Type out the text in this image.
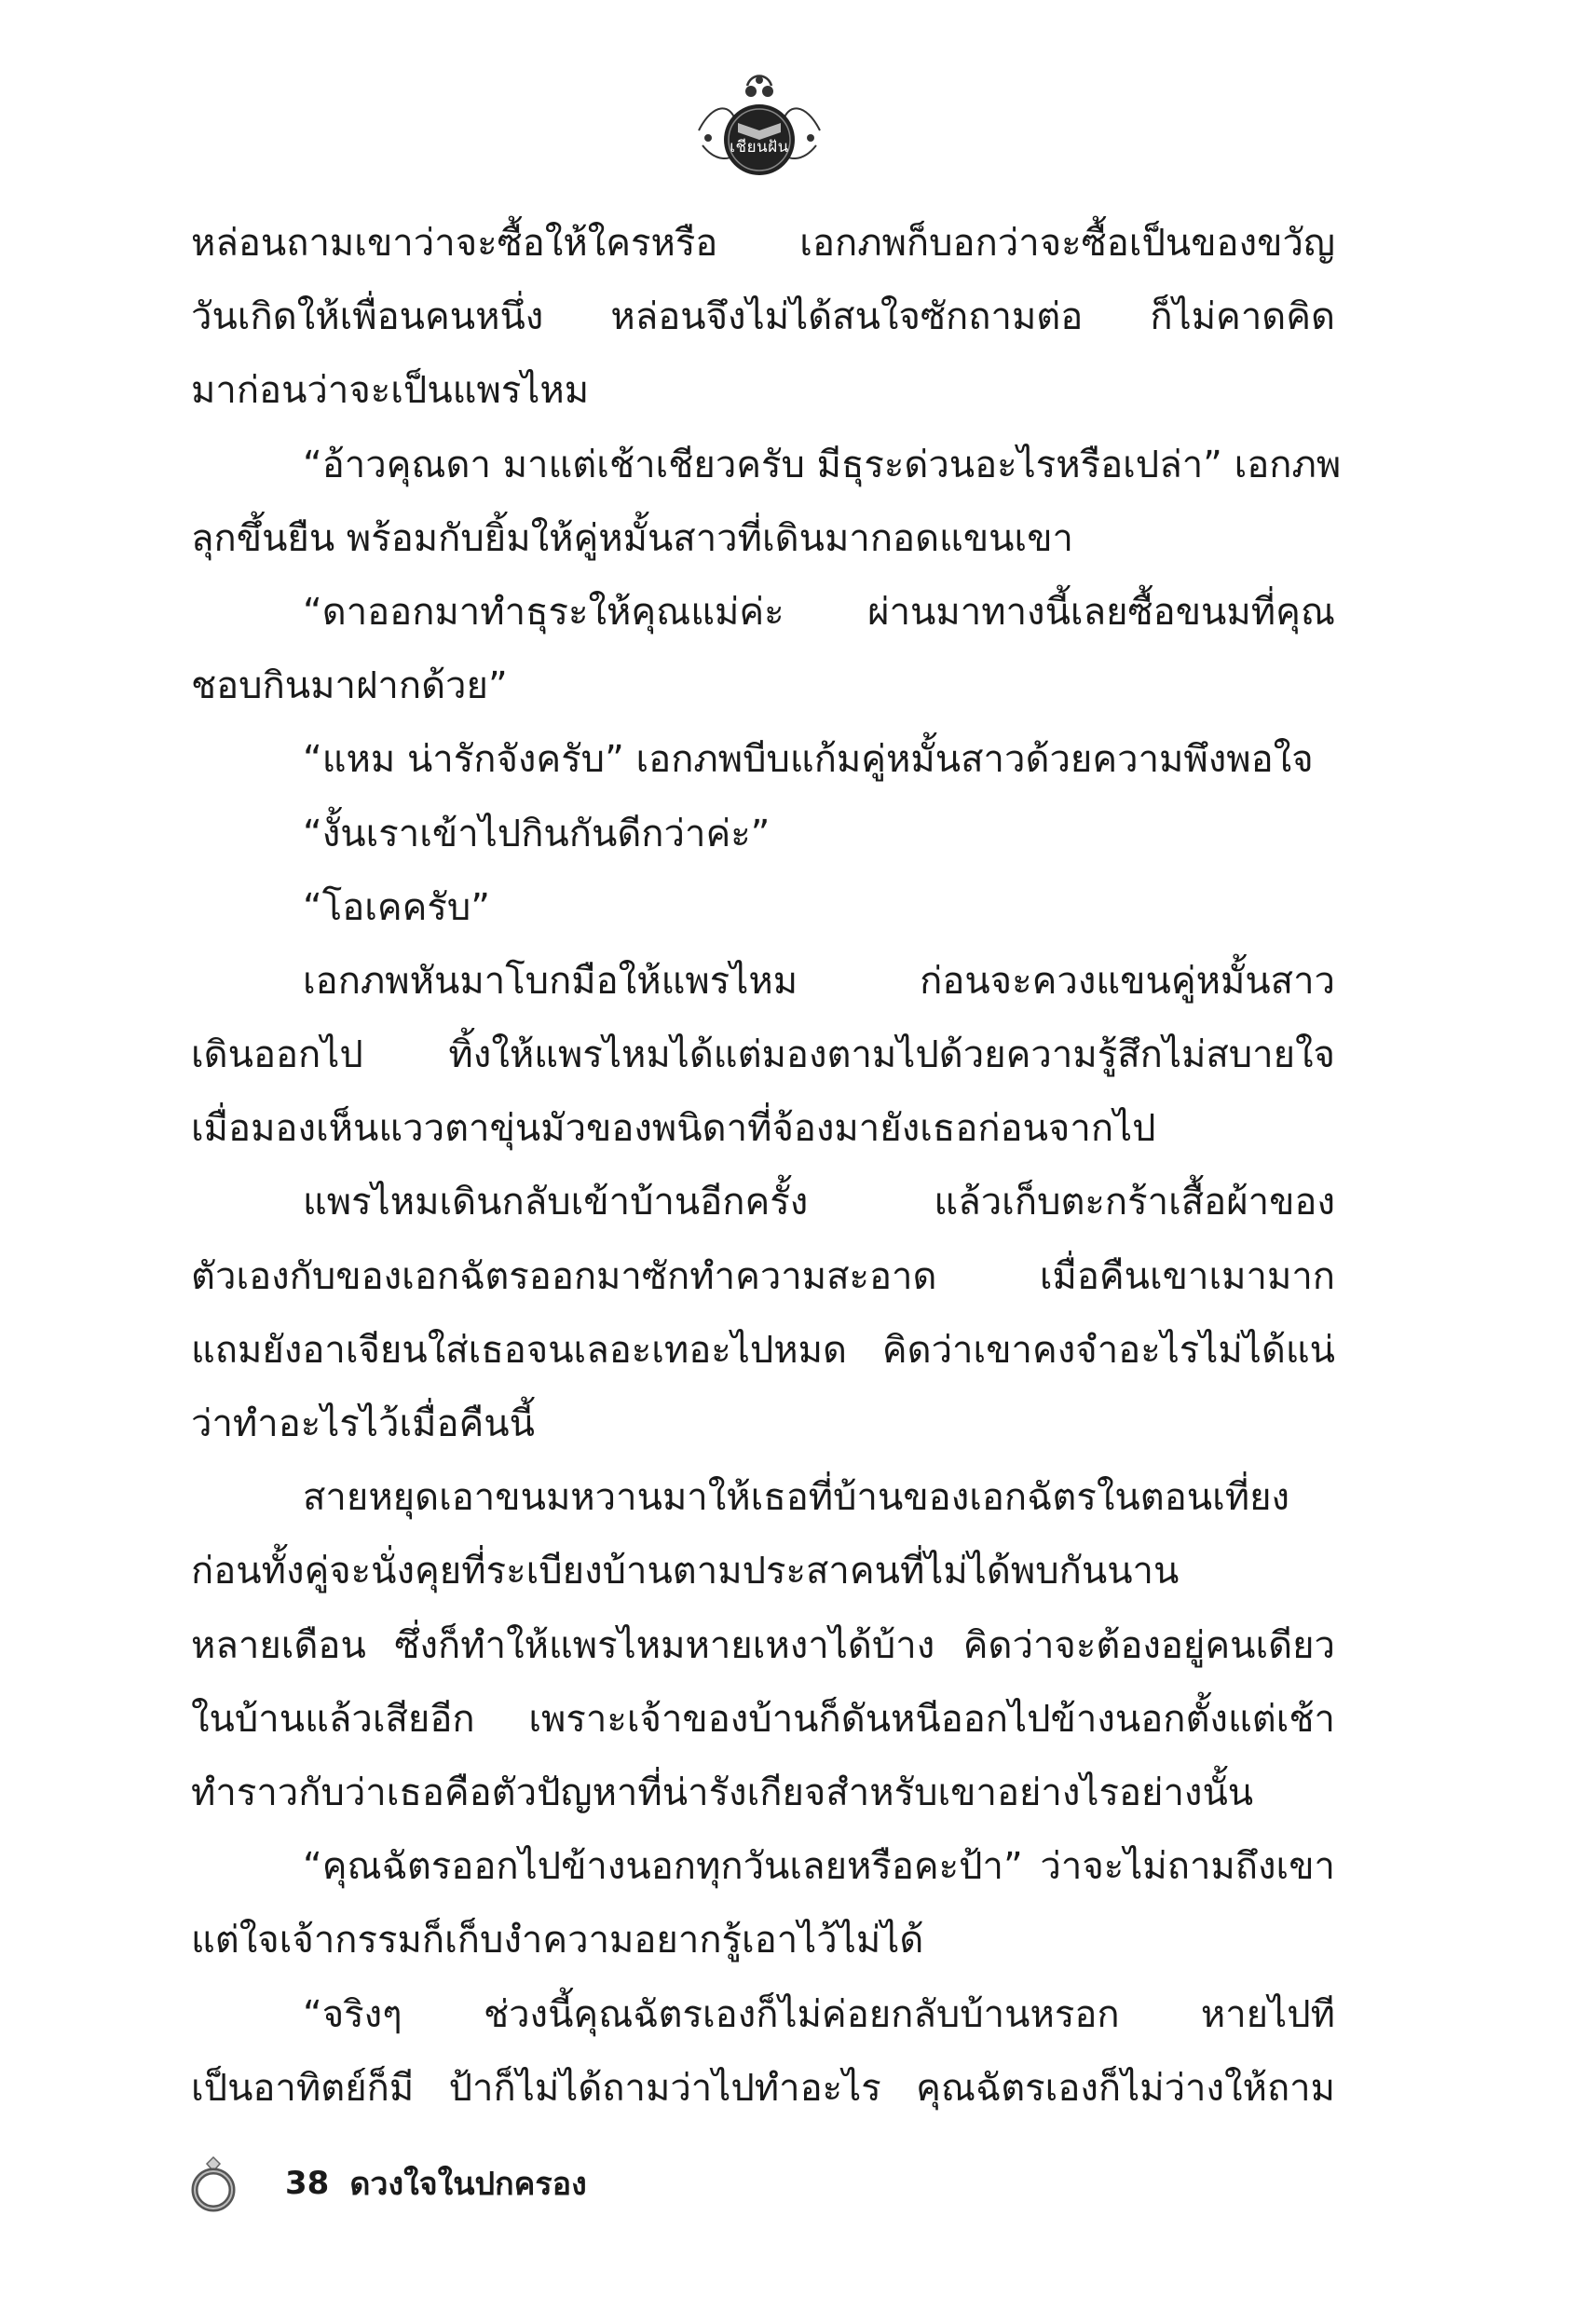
เชียนฝัน
หล่อนถามเขาว่าจะซื้อให้ใครหรือ เอกภพก็บอกว่าจะซื้อเป็นของขวัญ
วันเกิดให้เพื่อนคนหนึ่ง หล่อนจึงไม่ได้สนใจซักถามต่อ ก็ไม่คาดคิด
มาก่อนว่าจะเป็นแพรไหม
“อ้าวคุณดา มาแต่เช้าเชียวครับ มีธุระด่วนอะไรหรือเปล่า” เอกภพ
ลุกขึ้นยืน พร้อมกับยิ้มให้คู่หมั้นสาวที่เดินมากอดแขนเขา
“ดาออกมาทำธุระให้คุณแม่ค่ะ ผ่านมาทางนี้เลยซื้อขนมที่คุณ
ชอบกินมาฝากด้วย”
“แหม น่ารักจังครับ” เอกภพบีบแก้มคู่หมั้นสาวด้วยความพึงพอใจ
“งั้นเราเข้าไปกินกันดีกว่าค่ะ”
“โอเคครับ”
เอกภพหันมาโบกมือให้แพรไหม ก่อนจะควงแขนคู่หมั้นสาว
เดินออกไป ทิ้งให้แพรไหมได้แต่มองตามไปด้วยความรู้สึกไม่สบายใจ
เมื่อมองเห็นแววตาขุ่นมัวของพนิดาที่จ้องมายังเธอก่อนจากไป
แพรไหมเดินกลับเข้าบ้านอีกครั้ง แล้วเก็บตะกร้าเสื้อผ้าของ
ตัวเองกับของเอกฉัตรออกมาซักทำความสะอาด เมื่อคืนเขาเมามาก
แถมยังอาเจียนใส่เธอจนเลอะเทอะไปหมด คิดว่าเขาคงจำอะไรไม่ได้แน่
ว่าทำอะไรไว้เมื่อคืนนี้
สายหยุดเอาขนมหวานมาให้เธอที่บ้านของเอกฉัตรในตอนเที่ยง
ก่อนทั้งคู่จะนั่งคุยที่ระเบียงบ้านตามประสาคนที่ไม่ได้พบกันนาน
หลายเดือน ซึ่งก็ทำให้แพรไหมหายเหงาได้บ้าง คิดว่าจะต้องอยู่คนเดียว
ในบ้านแล้วเสียอีก เพราะเจ้าของบ้านก็ดันหนีออกไปข้างนอกตั้งแต่เช้า
ทำราวกับว่าเธอคือตัวปัญหาที่น่ารังเกียจสำหรับเขาอย่างไรอย่างนั้น
“คุณฉัตรออกไปข้างนอกทุกวันเลยหรือคะป้า” ว่าจะไม่ถามถึงเขา
แต่ใจเจ้ากรรมก็เก็บงำความอยากรู้เอาไว้ไม่ได้
“จริงๆ ช่วงนี้คุณฉัตรเองก็ไม่ค่อยกลับบ้านหรอก หายไปที
เป็นอาทิตย์ก็มี ป้าก็ไม่ได้ถามว่าไปทำอะไร คุณฉัตรเองก็ไม่ว่างให้ถาม
38 ดวงใจในปกครอง
